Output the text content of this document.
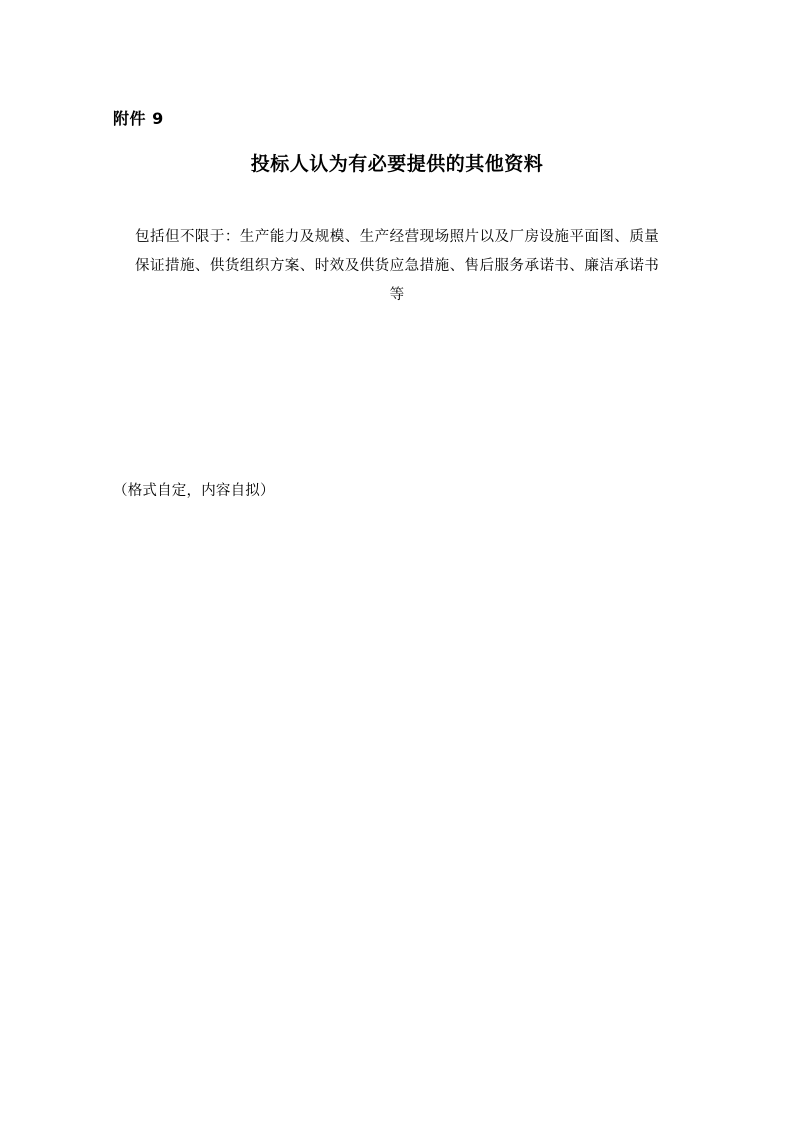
附件 9
投标人认为有必要提供的其他资料
包括但不限于：生产能力及规模、生产经营现场照片以及厂房设施平面图、质量保证措施、供货组织方案、时效及供货应急措施、售后服务承诺书、廉洁承诺书等
（格式自定，内容自拟）
